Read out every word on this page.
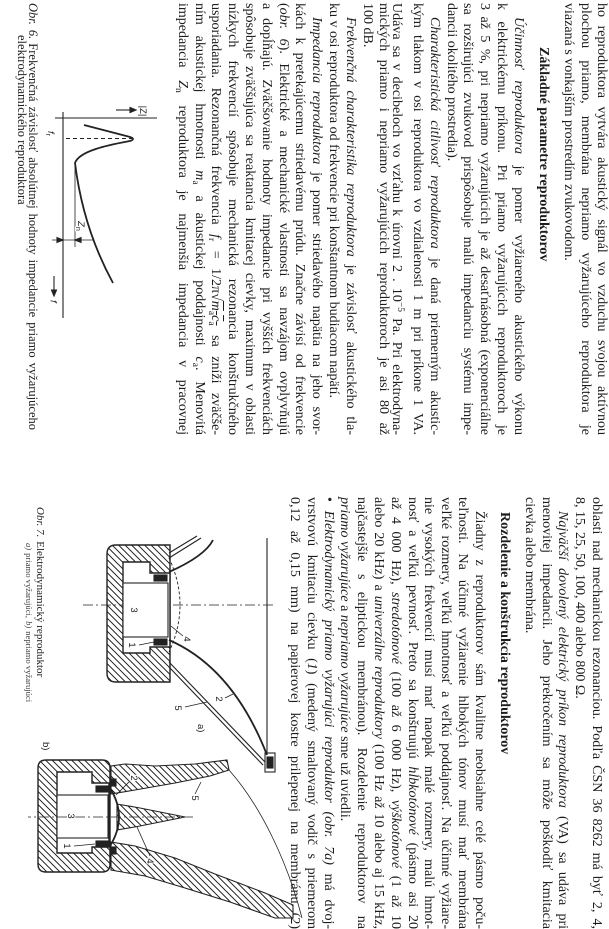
ho reproduktora vytvára akustický signál vo vzduchu svojou aktívnou
plochou priamo, membrána nepriamo vyžarujúceho reproduktora je
viazaná s vonkajším prostredím zvukovodom.
Základné parametre reproduktorov
Účinnosť reproduktora je pomer vyžiareného akustického výkonu
k elektrickému príkonu. Pri priamo vyžarujúcich reproduktoroch je
3 až 5 %, pri nepriamo vyžarujúcich je až desaťnásobná (exponenciálne
sa rozširujúci zvukovod prispôsobuje malú impedanciu systému impe-
dancii okolitého prostredia).
Charakteristická citlivosť reproduktora je daná priemerným akustic-
kým tlakom v osi reproduktora vo vzdialenosti 1 m pri príkone 1 VA.
Udáva sa v decibeloch vo vzťahu k úrovni 2 . $10^{-5}$ Pa. Pri elektrodyna-
mických priamo i nepriamo vyžarujúcich reproduktoroch je asi 80 až
100 dB.
Frekvenčná charakteristika reproduktora je závislosť akustického tla-
ku v osi reproduktora od frekvencie pri konštantnom budiacom napätí.
Impedancia reproduktora je pomer striedavého napätia na jeho svor-
kách k pretekajúcemu striedavému prúdu. Značne závisí od frekvencie
(obr. 6). Elektrické a mechanické vlastnosti sa navzájom ovplyvňujú
a dopĺňajú. Zväčšovanie hodnoty impedancie pri vyšších frekvenciách
spôsobuje zväčšujúca sa reaktancia kmitacej cievky, maximum v oblasti
nízkych frekvencií spôsobuje mechanická rezonancia konštrukčného
usporiadania. Rezonančná frekvencia $f_r = 1/2\pi√m_{\overline{a}}\overline{c}_{\overline{a}}$ sa zníži zväčše-
ním akustickej hmotnosti $m_a$ a akustickej poddajnosti $c_a$. Menovitá
impedancia $Z_n$ reproduktora je najmenšia impedancia v pracovnej
oblasti nad mechanickou rezonanciou. Podľa ČSN 36 8262 má byť 2, 4,
8, 15, 25, 50, 100, 400 alebo 800 Ω.
Najväčší dovolený elektrický príkon reproduktora (VA) sa udáva pri
menovitej impedancii. Jeho prekročením sa môže poškodiť kmitacia
cievka alebo membrána.
Rozdelenie a konštrukcia reproduktorov
Žiadny z reproduktorov sám kvalitne neobsiahne celé pásmo poču-
teľnosti. Na účinné vyžiarenie hlbokých tónov musí mať membrána
veľké rozmery, veľkú hmotnosť a veľkú poddajnosť. Na účinné vyžiare-
nie vysokých frekvencií musí mať naopak malé rozmery, malú hmot-
nosť a veľkú pevnosť. Preto sa konštruujú hĺbkotónové (pásmo asi 20
až 4 000 Hz), stredotónové (100 až 6 000 Hz), výškotónové (1 až 10
alebo 20 kHz) a univerzálne reproduktory (100 Hz až 10 alebo aj 15 kHz,
najčastejšie s eliptickou membránou). Rozdelenie reproduktorov na
priamo vyžarujúce a nepriamo vyžarujúce sme už uviedli.
• Elektrodynamický priamo vyžarujúci reproduktor (obr. 7a) má dvoj-
vrstvovú kmitaciu cievku (1) (medený smaltovaný vodič s priemerom
0,12 až 0,15 mm) na papierovej kostre prilepenej na membránu (2)
|Z|
f
$f_r$
$Z_n$
1
3
4
2
5
a)
3
1
2
4
5
b)
Obr. 6.Frekvenčná závislosť absolútnej hodnoty impedancie priamo vyžarujúceho
elektrodynamického reproduktora
Obr. 7.Elektrodynamický reproduktor
a)priamo vyžarujúci,b)nepriamo vyžarujúci
